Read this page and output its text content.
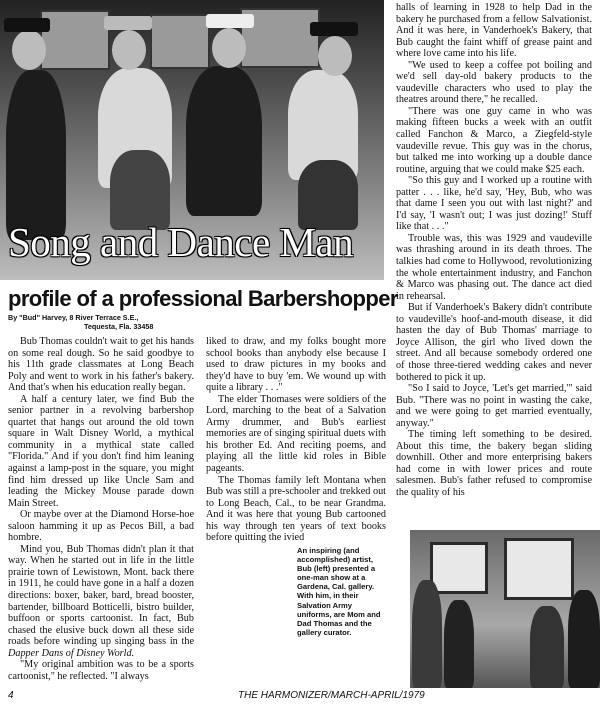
Song and Dance Man
profile of a professional Barbershopper
By "Bud" Harvey, 8 River Terrace S.E.,
Tequesta, Fla. 33458

Bub Thomas couldn't wait to get his hands on some real dough. So he said goodbye to his 11th grade classmates at Long Beach Poly and went to work in his father's bakery. And that's when his education really began.

A half a century later, we find Bub the senior partner in a revolving barbershop quartet that hangs out around the old town square in Walt Disney World, a mythical community in a mythical state called "Florida." And if you don't find him leaning against a lamp-post in the square, you might find him dressed up like Uncle Sam and leading the Mickey Mouse parade down Main Street.

Or maybe over at the Diamond Horse-hoe saloon hamming it up as Pecos Bill, a bad hombre.

Mind you, Bub Thomas didn't plan it that way. When he started out in life in the little prairie town of Lewistown, Mont. back there in 1911, he could have gone in a half a dozen directions: boxer, baker, bard, bread booster, bartender, billboard Botticelli, bistro builder, buffoon or sports cartoonist. In fact, Bub chased the elusive buck down all these side roads before winding up singing bass in the Dapper Dans of Disney World.

"My original ambition was to be a sports cartoonist," he reflected. "I always

liked to draw, and my folks bought more school books than anybody else because I used to draw pictures in my books and they'd have to buy 'em. We wound up with quite a library . . ."

The elder Thomases were soldiers of the Lord, marching to the beat of a Salvation Army drummer, and Bub's earliest memories are of singing spiritual duets with his brother Ed. And reciting poems, and playing all the little kid roles in Bible pageants.

The Thomas family left Montana when Bub was still a pre-schooler and trekked out to Long Beach, Cal., to be near Grandma. And it was here that young Bub cartooned his way through ten years of text books before quitting the ivied

An inspiring (and accomplished) artist, Bub (left) presented a one-man show at a Gardena, Cal. gallery. With him, in their Salvation Army uniforms, are Mom and Dad Thomas and the gallery curator.

halls of learning in 1928 to help Dad in the bakery he purchased from a fellow Salvationist. And it was here, in Vanderhoek's Bakery, that Bub caught the faint whiff of grease paint and where love came into his life.

"We used to keep a coffee pot boiling and we'd sell day-old bakery products to the vaudeville characters who used to play the theatres around there," he recalled.

"There was one guy came in who was making fifteen bucks a week with an outfit called Fanchon & Marco, a Ziegfeld-style vaudeville revue. This guy was in the chorus, but talked me into working up a double dance routine, arguing that we could make $25 each.

"So this guy and I worked up a routine with patter . . . like, he'd say, 'Hey, Bub, who was that dame I seen you out with last night?' and I'd say, 'I wasn't out; I was just dozing!' Stuff like that . . ."

Trouble was, this was 1929 and vaudeville was thrashing around in its death throes. The talkies had come to Hollywood, revolutionizing the whole entertainment industry, and Fanchon & Marco was phasing out. The dance act died in rehearsal.

But if Vanderhoek's Bakery didn't contribute to vaudeville's hoof-and-mouth disease, it did hasten the day of Bub Thomas' marriage to Joyce Allison, the girl who lived down the street. And all because somebody ordered one of those three-tiered wedding cakes and never bothered to pick it up.

"So I said to Joyce, 'Let's get married,'" said Bub. "There was no point in wasting the cake, and we were going to get married eventually, anyway."

The timing left something to be desired. About this time, the bakery began sliding downhill. Other and more enterprising bakers had come in with lower prices and route salesmen. Bub's father refused to compromise the quality of his

4	THE HARMONIZER/MARCH-APRIL/1979
